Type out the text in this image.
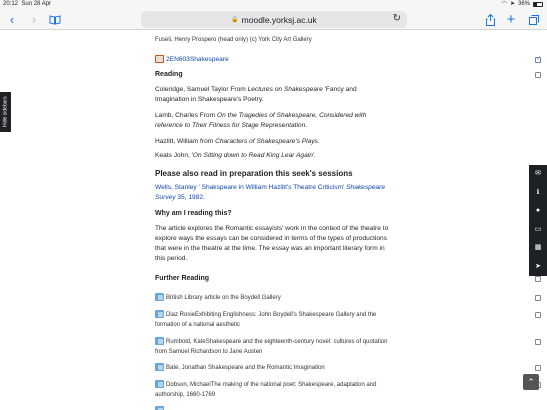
20:12 Sun 28 Apr	◠ ➤ 36%
‹ ›	🔒 moodle.yorksj.ac.uk	↻	+
Hide sidebars
Fuseli, Henry Prospero (head only) (c) York City Art Gallery
2EN603Shakespeare
✓
Reading
Coleridge, Samuel Taylor From Lectures on Shakespeare 'Fancy and Imagination in Shakespeare's Poetry.
Lamb, Charles From On the Tragedies of Shakespeare, Considered with reference to Their Fitness for Stage Representation.
Hazlitt, William from Characters of Shakespeare's Plays.
Keats John, 'On Sitting down to Read King Lear Again'.
Please also read in preparation this seek's sessions
Wells, Stanley ' Shakspeare in William Hazlitt's Theatre Criticism' Shakespeare Survey 35, 1982.
Why am I reading this?
The article explores the Romantic essayists' work in the context of the theatre to explore ways the essays can be considered in terms of the types of productions that were in the theatre at the time. The essay was an important literary form in this period.
Further Reading
British Library article on the Boydell Gallery
Diaz RosieExhibiting Englishness: John Boydell's Shakespeare Gallery and the formation of a national aesthetic
Rumbold, KateShakespeare and the eighteenth-century novel: cultures of quotation from Samuel Richardson to Jane Austen
Bate, Jonathan Shakespeare and the Romantic Imagination
Dobson, MichaelThe making of the national poet: Shakespeare, adaptation and authorship, 1660-1769
✉
ℹ
●
▭
▦
➤
⌃
